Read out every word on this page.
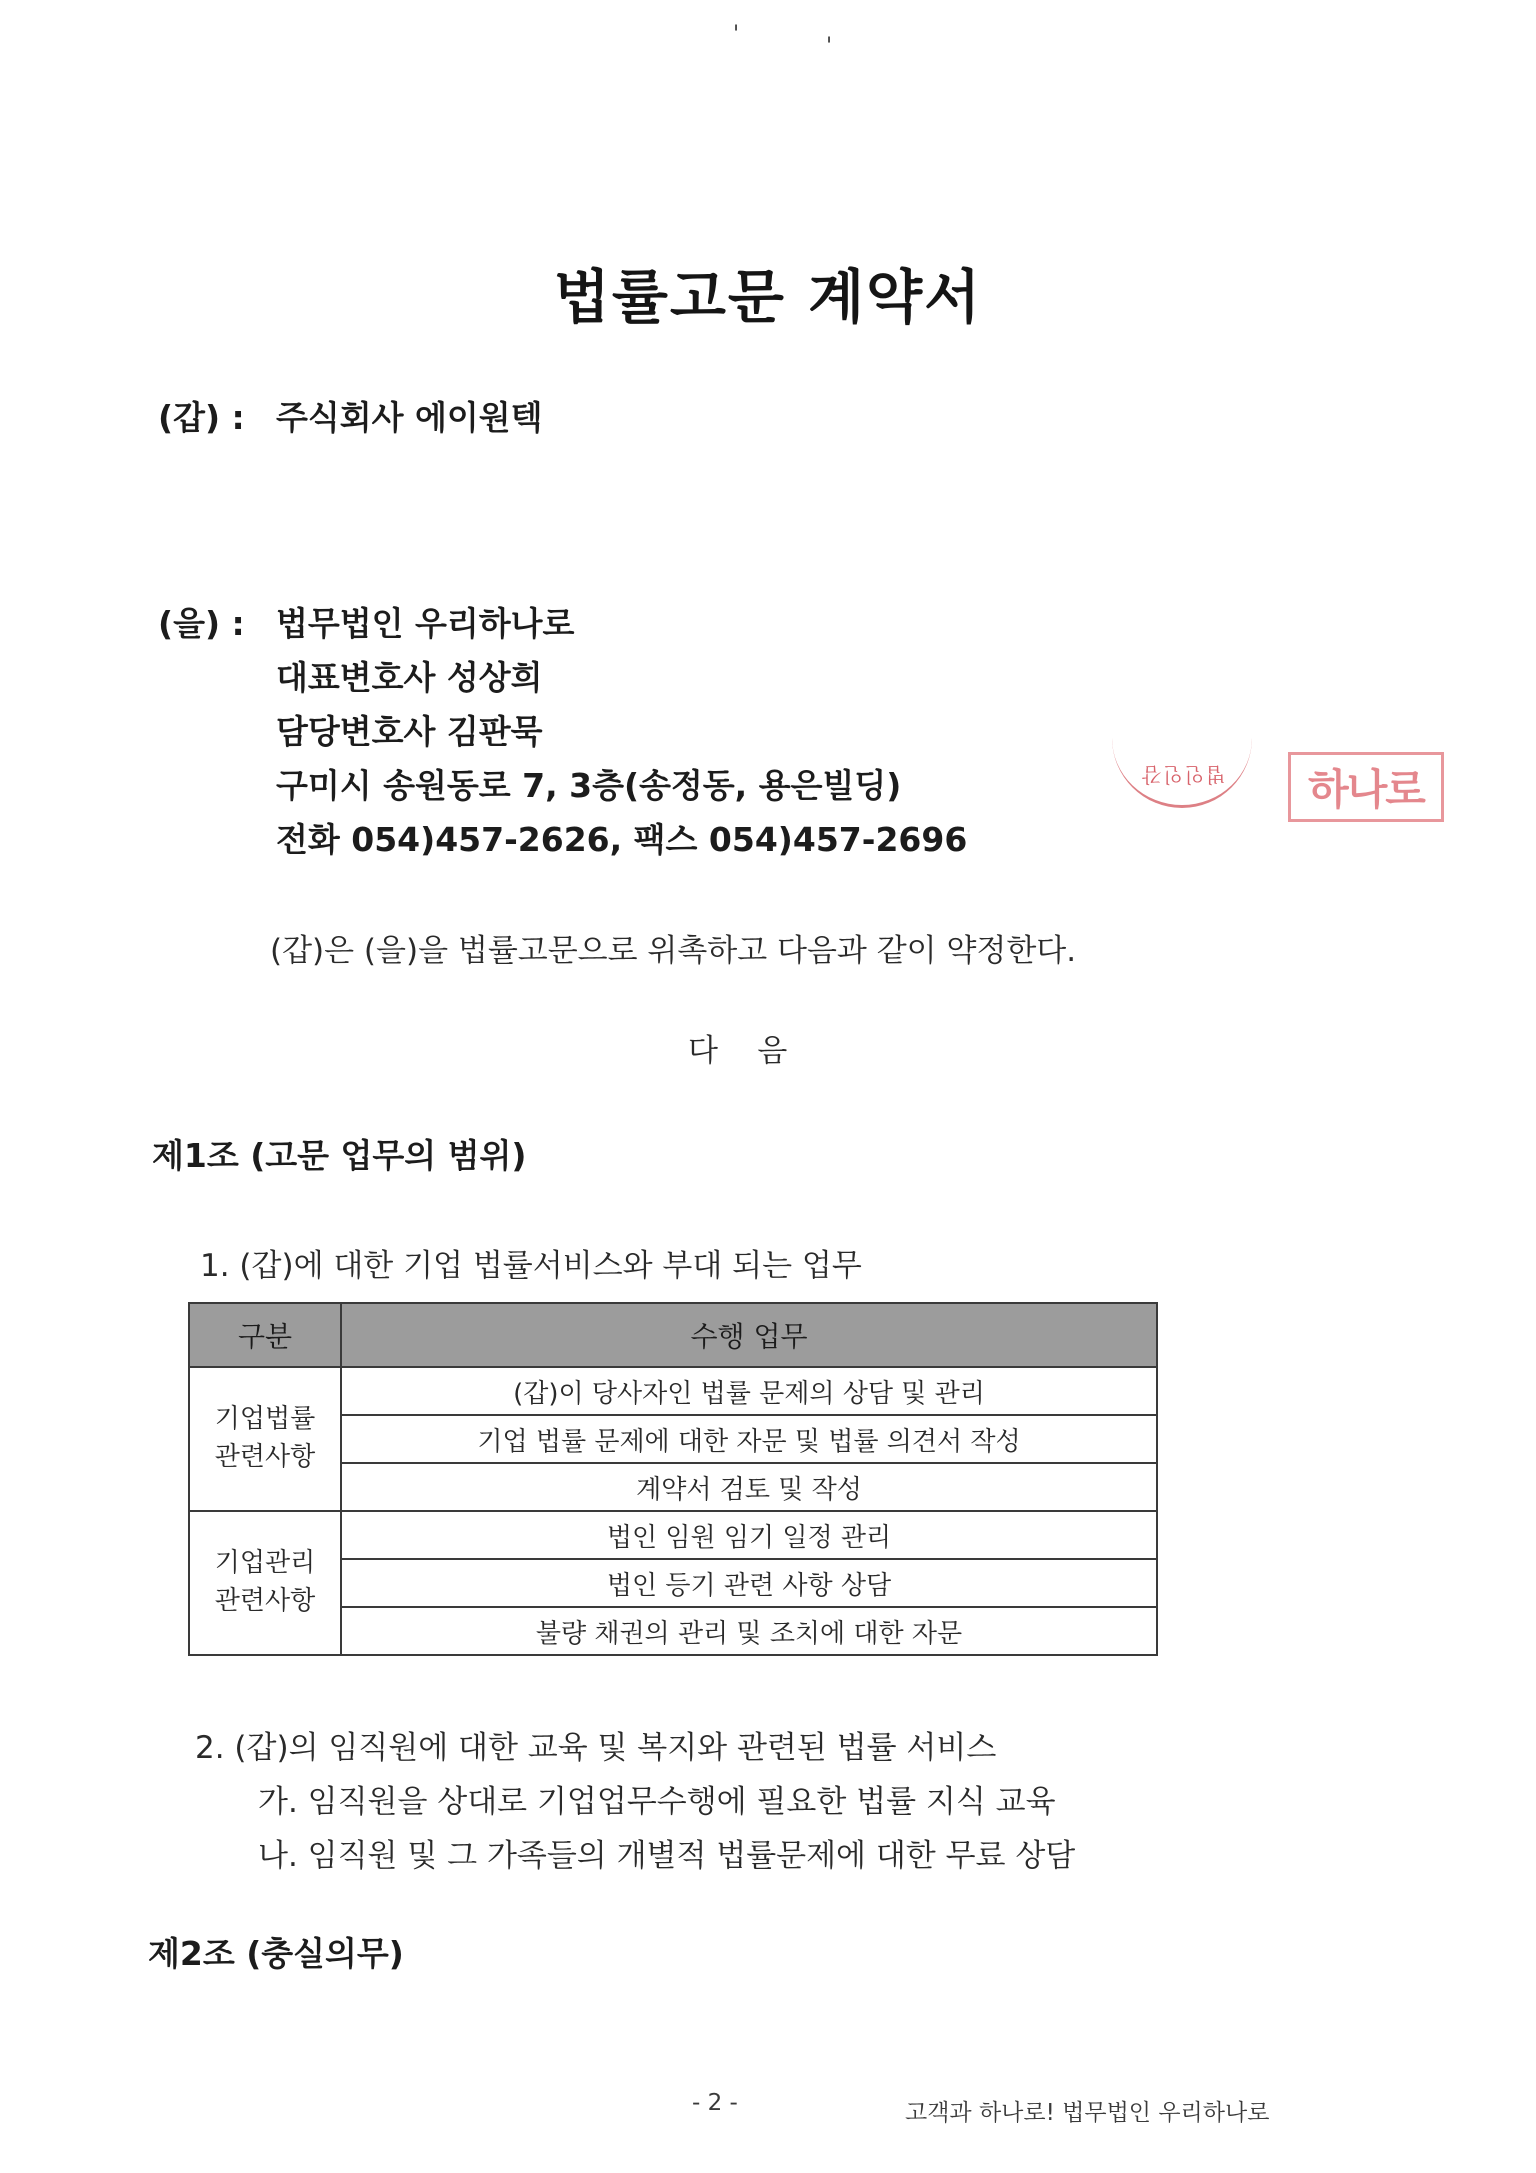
'	'
법률고문 계약서
(갑) : 주식회사 에이원텍
(을) : 법무법인 우리하나로
대표변호사 성상희
담당변호사 김판묵
구미시 송원동로 7, 3층(송정동, 용은빌딩)
전화 054)457-2626, 팩스 054)457-2696
법인인감	하나로
(갑)은 (을)을 법률고문으로 위촉하고 다음과 같이 약정한다.
다    음
제1조 (고문 업무의 범위)
1. (갑)에 대한 기업 법률서비스와 부대 되는 업무
구분	수행 업무
기업법률
관련사항	(갑)이 당사자인 법률 문제의 상담 및 관리
	기업 법률 문제에 대한 자문 및 법률 의견서 작성
	계약서 검토 및 작성
기업관리
관련사항	법인 임원 임기 일정 관리
	법인 등기 관련 사항 상담
	불량 채권의 관리 및 조치에 대한 자문
2. (갑)의 임직원에 대한 교육 및 복지와 관련된 법률 서비스
가. 임직원을 상대로 기업업무수행에 필요한 법률 지식 교육
나. 임직원 및 그 가족들의 개별적 법률문제에 대한 무료 상담
제2조 (충실의무)
- 2 -	고객과 하나로! 법무법인 우리하나로
